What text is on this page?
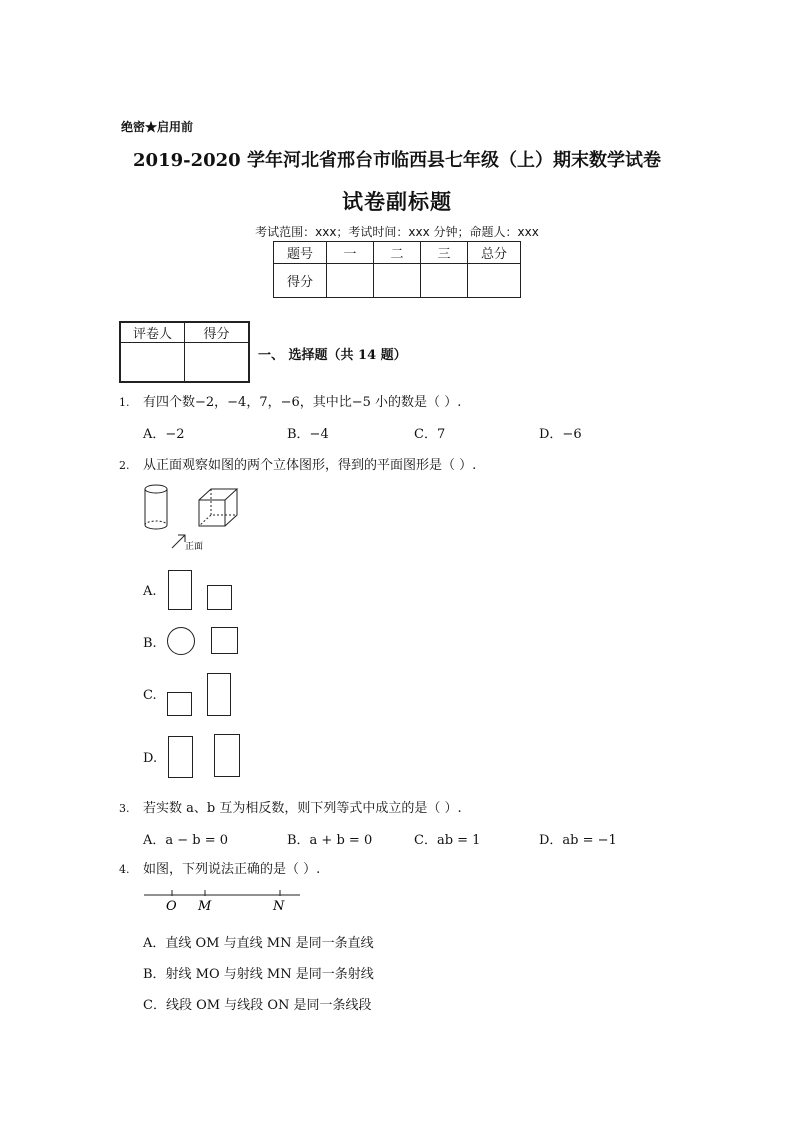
绝密★启用前
2019-2020 学年河北省邢台市临西县七年级（上）期末数学试卷
试卷副标题
考试范围：xxx；考试时间：xxx 分钟；命题人：xxx
题号	一	二	三	总分
得分				
评卷人	得分

一、 选择题（共 14 题）
1. 有四个数−2，−4，7，−6，其中比−5 小的数是（ ）.
A．−2	B．−4	C．7	D．−6
2. 从正面观察如图的两个立体图形，得到的平面图形是（ ）.
正面
A.
B.
C.
D.
3. 若实数 a、b 互为相反数，则下列等式中成立的是（ ）.
A．a − b = 0	B．a + b = 0	C．ab = 1	D．ab = −1
4. 如图，下列说法正确的是（ ）.
O M	N
A．直线 OM 与直线 MN 是同一条直线
B．射线 MO 与射线 MN 是同一条射线
C．线段 OM 与线段 ON 是同一条线段
